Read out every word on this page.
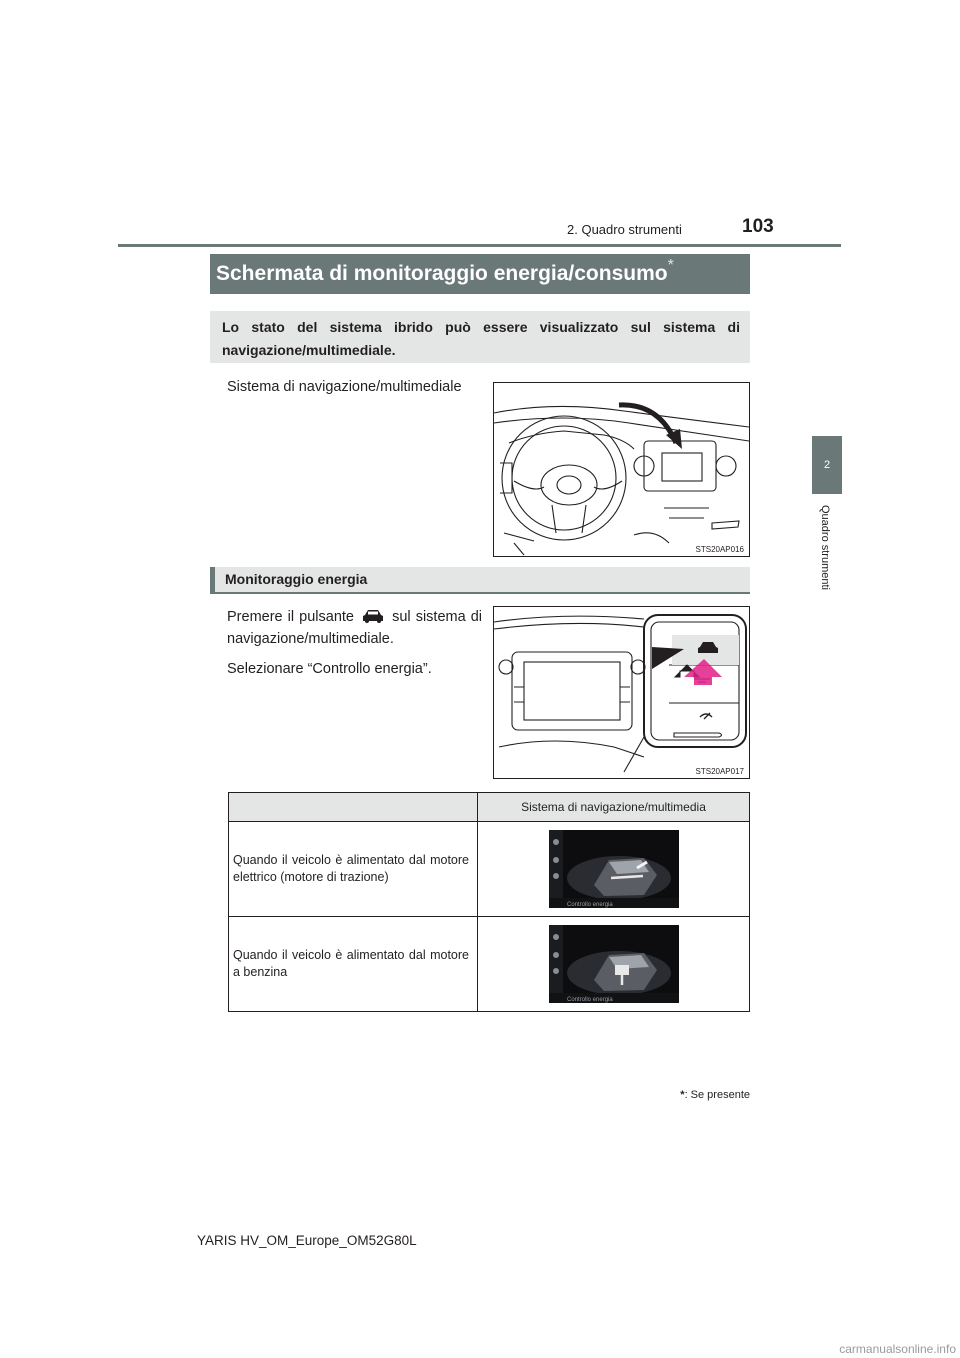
2. Quadro strumenti	103
2
Quadro strumenti
Schermata di monitoraggio energia/consumo*
Lo stato del sistema ibrido può essere visualizzato sul sistema di navigazione/multimediale.
Sistema di navigazione/multimediale
STS20AP016
Monitoraggio energia
Premere il pulsante	sul sistema di navigazione/multimediale.
Selezionare “Controllo energia”.
STS20AP017
	Sistema di navigazione/multimedia
Quando il veicolo è alimentato dal motore elettrico (motore di trazione)	Controllo energia

Quando il veicolo è alimentato dal motore a benzina	Controllo energia
*: Se presente
YARIS HV_OM_Europe_OM52G80L
carmanualsonline.info
